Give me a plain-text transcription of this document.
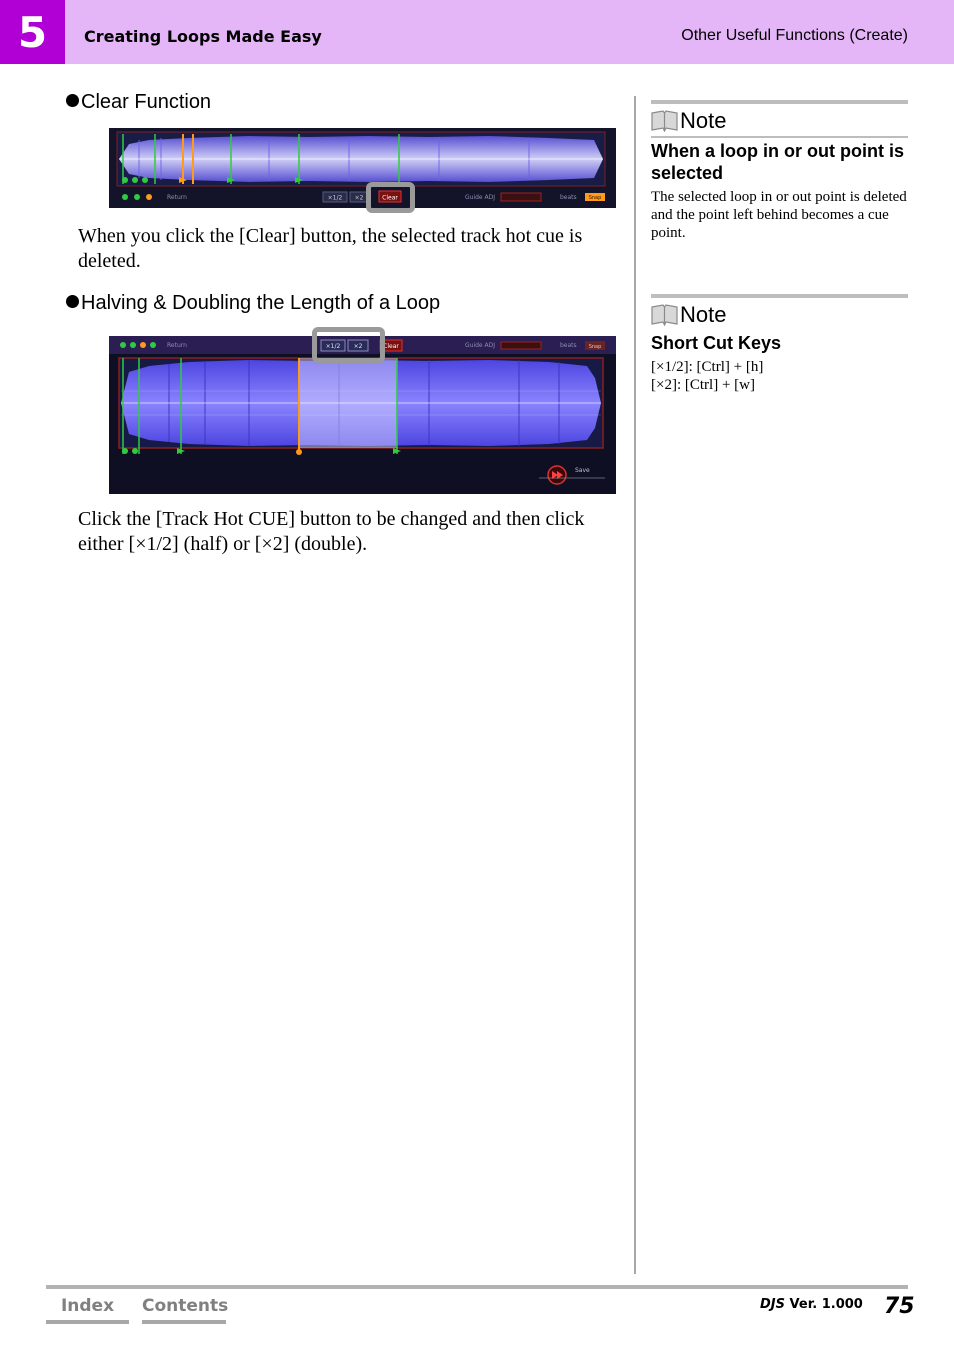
5	Creating Loops Made Easy	Other Useful Functions (Create)
Clear Function
Return	Guide ADJ	beats
×1/2 ×2	Clear	Snap
When you click the [Clear] button, the selected track hot cue is deleted.
Halving & Doubling the Length of a Loop
Return	Guide ADJ	beats
×1/2 ×2	Clear	Snap
Save
Click the [Track Hot CUE] button to be changed and then click either [×1/2] (half) or [×2] (double).
Note
When a loop in or out point is selected
The selected loop in or out point is deleted and the point left behind becomes a cue point.
Note
Short Cut Keys
[×1/2]: [Ctrl] + [h]
[×2]: [Ctrl] + [w]
Index	Contents	DJS Ver. 1.000 75
